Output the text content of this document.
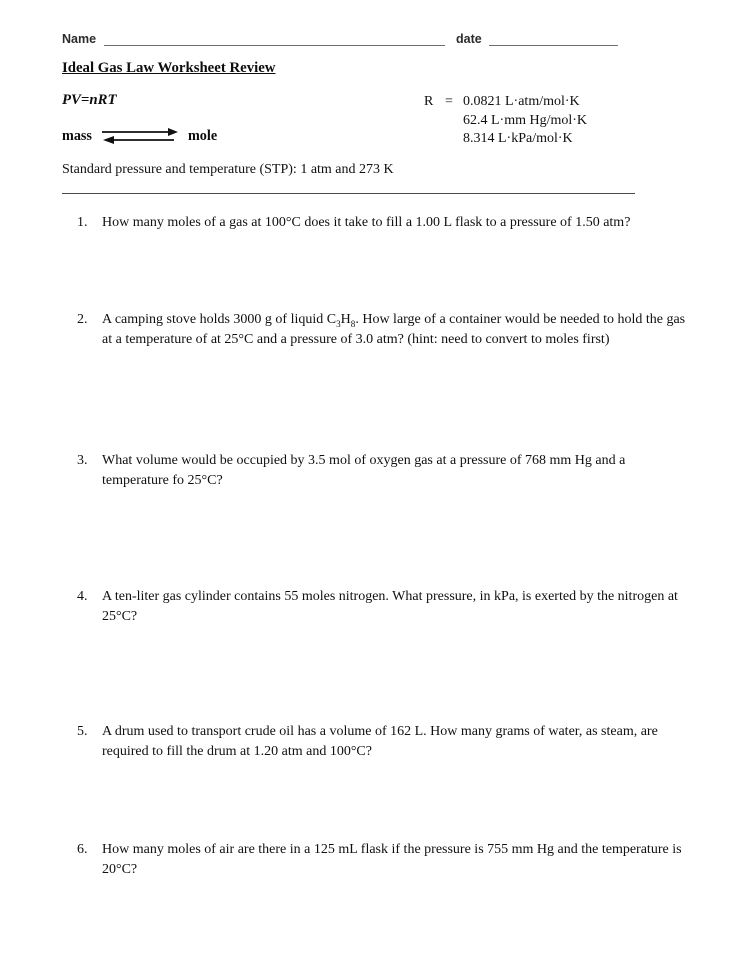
Name	date
Ideal Gas Law Worksheet Review
PV=nRT	R = 0.0821 L·atm/mol·K
62.4 L·mm Hg/mol·K
8.314 L·kPa/mol·K
mass	mole
Standard pressure and temperature (STP): 1 atm and 273 K
1.	How many moles of a gas at 100°C does it take to fill a 1.00 L flask to a pressure of 1.50 atm?
2.	A camping stove holds 3000 g of liquid $C_3H_8$. How large of a container would be needed to hold the gas at a temperature of at 25°C and a pressure of 3.0 atm? (hint: need to convert to moles first)
3.	What volume would be occupied by 3.5 mol of oxygen gas at a pressure of 768 mm Hg and a temperature fo 25°C?
4.	A ten-liter gas cylinder contains 55 moles nitrogen. What pressure, in kPa, is exerted by the nitrogen at 25°C?
5.	A drum used to transport crude oil has a volume of 162 L. How many grams of water, as steam, are required to fill the drum at 1.20 atm and 100°C?
6.	How many moles of air are there in a 125 mL flask if the pressure is 755 mm Hg and the temperature is 20°C?
